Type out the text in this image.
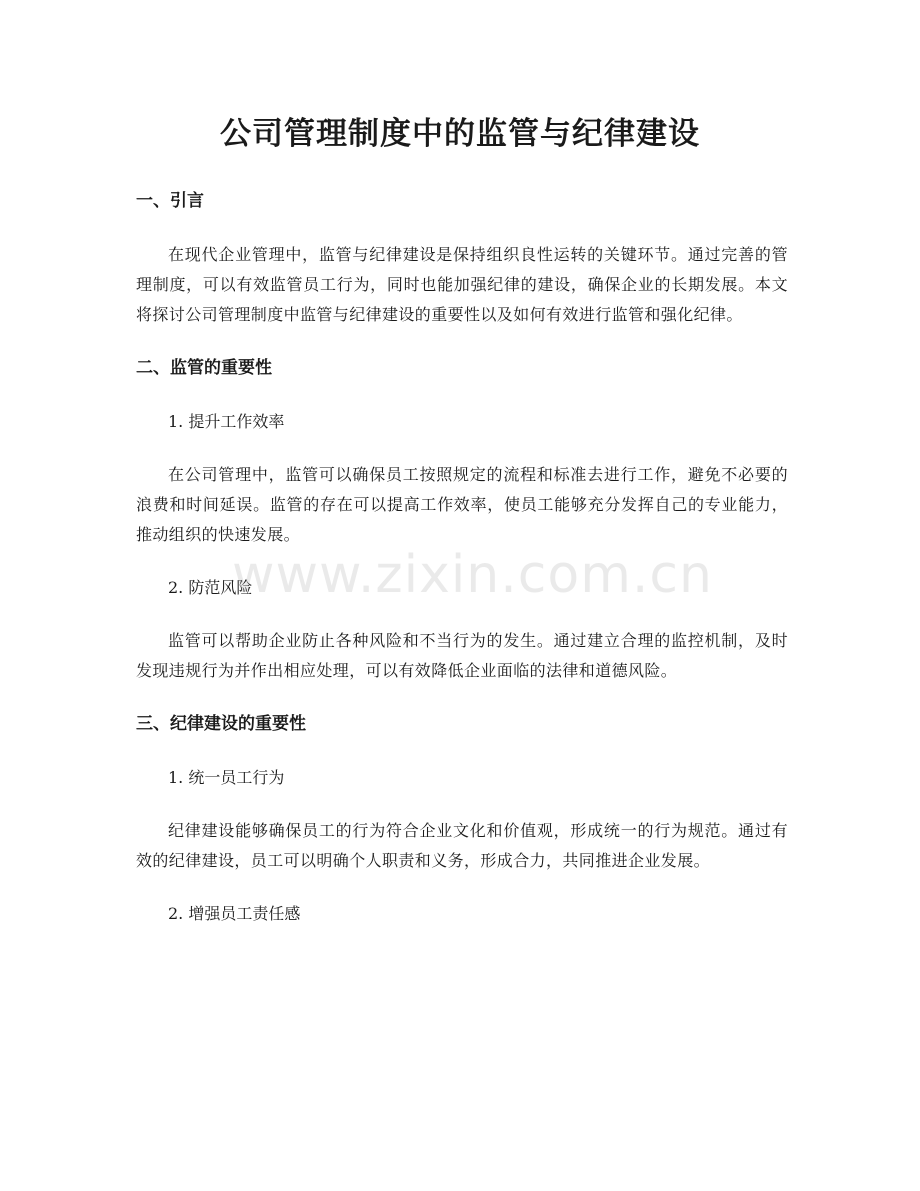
公司管理制度中的监管与纪律建设
一、引言

在现代企业管理中，监管与纪律建设是保持组织良性运转的关键环节。通过完善的管理制度，可以有效监管员工行为，同时也能加强纪律的建设，确保企业的长期发展。本文将探讨公司管理制度中监管与纪律建设的重要性以及如何有效进行监管和强化纪律。

二、监管的重要性
1. 提升工作效率

在公司管理中，监管可以确保员工按照规定的流程和标准去进行工作，避免不必要的浪费和时间延误。监管的存在可以提高工作效率，使员工能够充分发挥自己的专业能力，推动组织的快速发展。

2. 防范风险

监管可以帮助企业防止各种风险和不当行为的发生。通过建立合理的监控机制，及时发现违规行为并作出相应处理，可以有效降低企业面临的法律和道德风险。

三、纪律建设的重要性
1. 统一员工行为

纪律建设能够确保员工的行为符合企业文化和价值观，形成统一的行为规范。通过有效的纪律建设，员工可以明确个人职责和义务，形成合力，共同推进企业发展。

2. 增强员工责任感
www.zixin.com.cn
